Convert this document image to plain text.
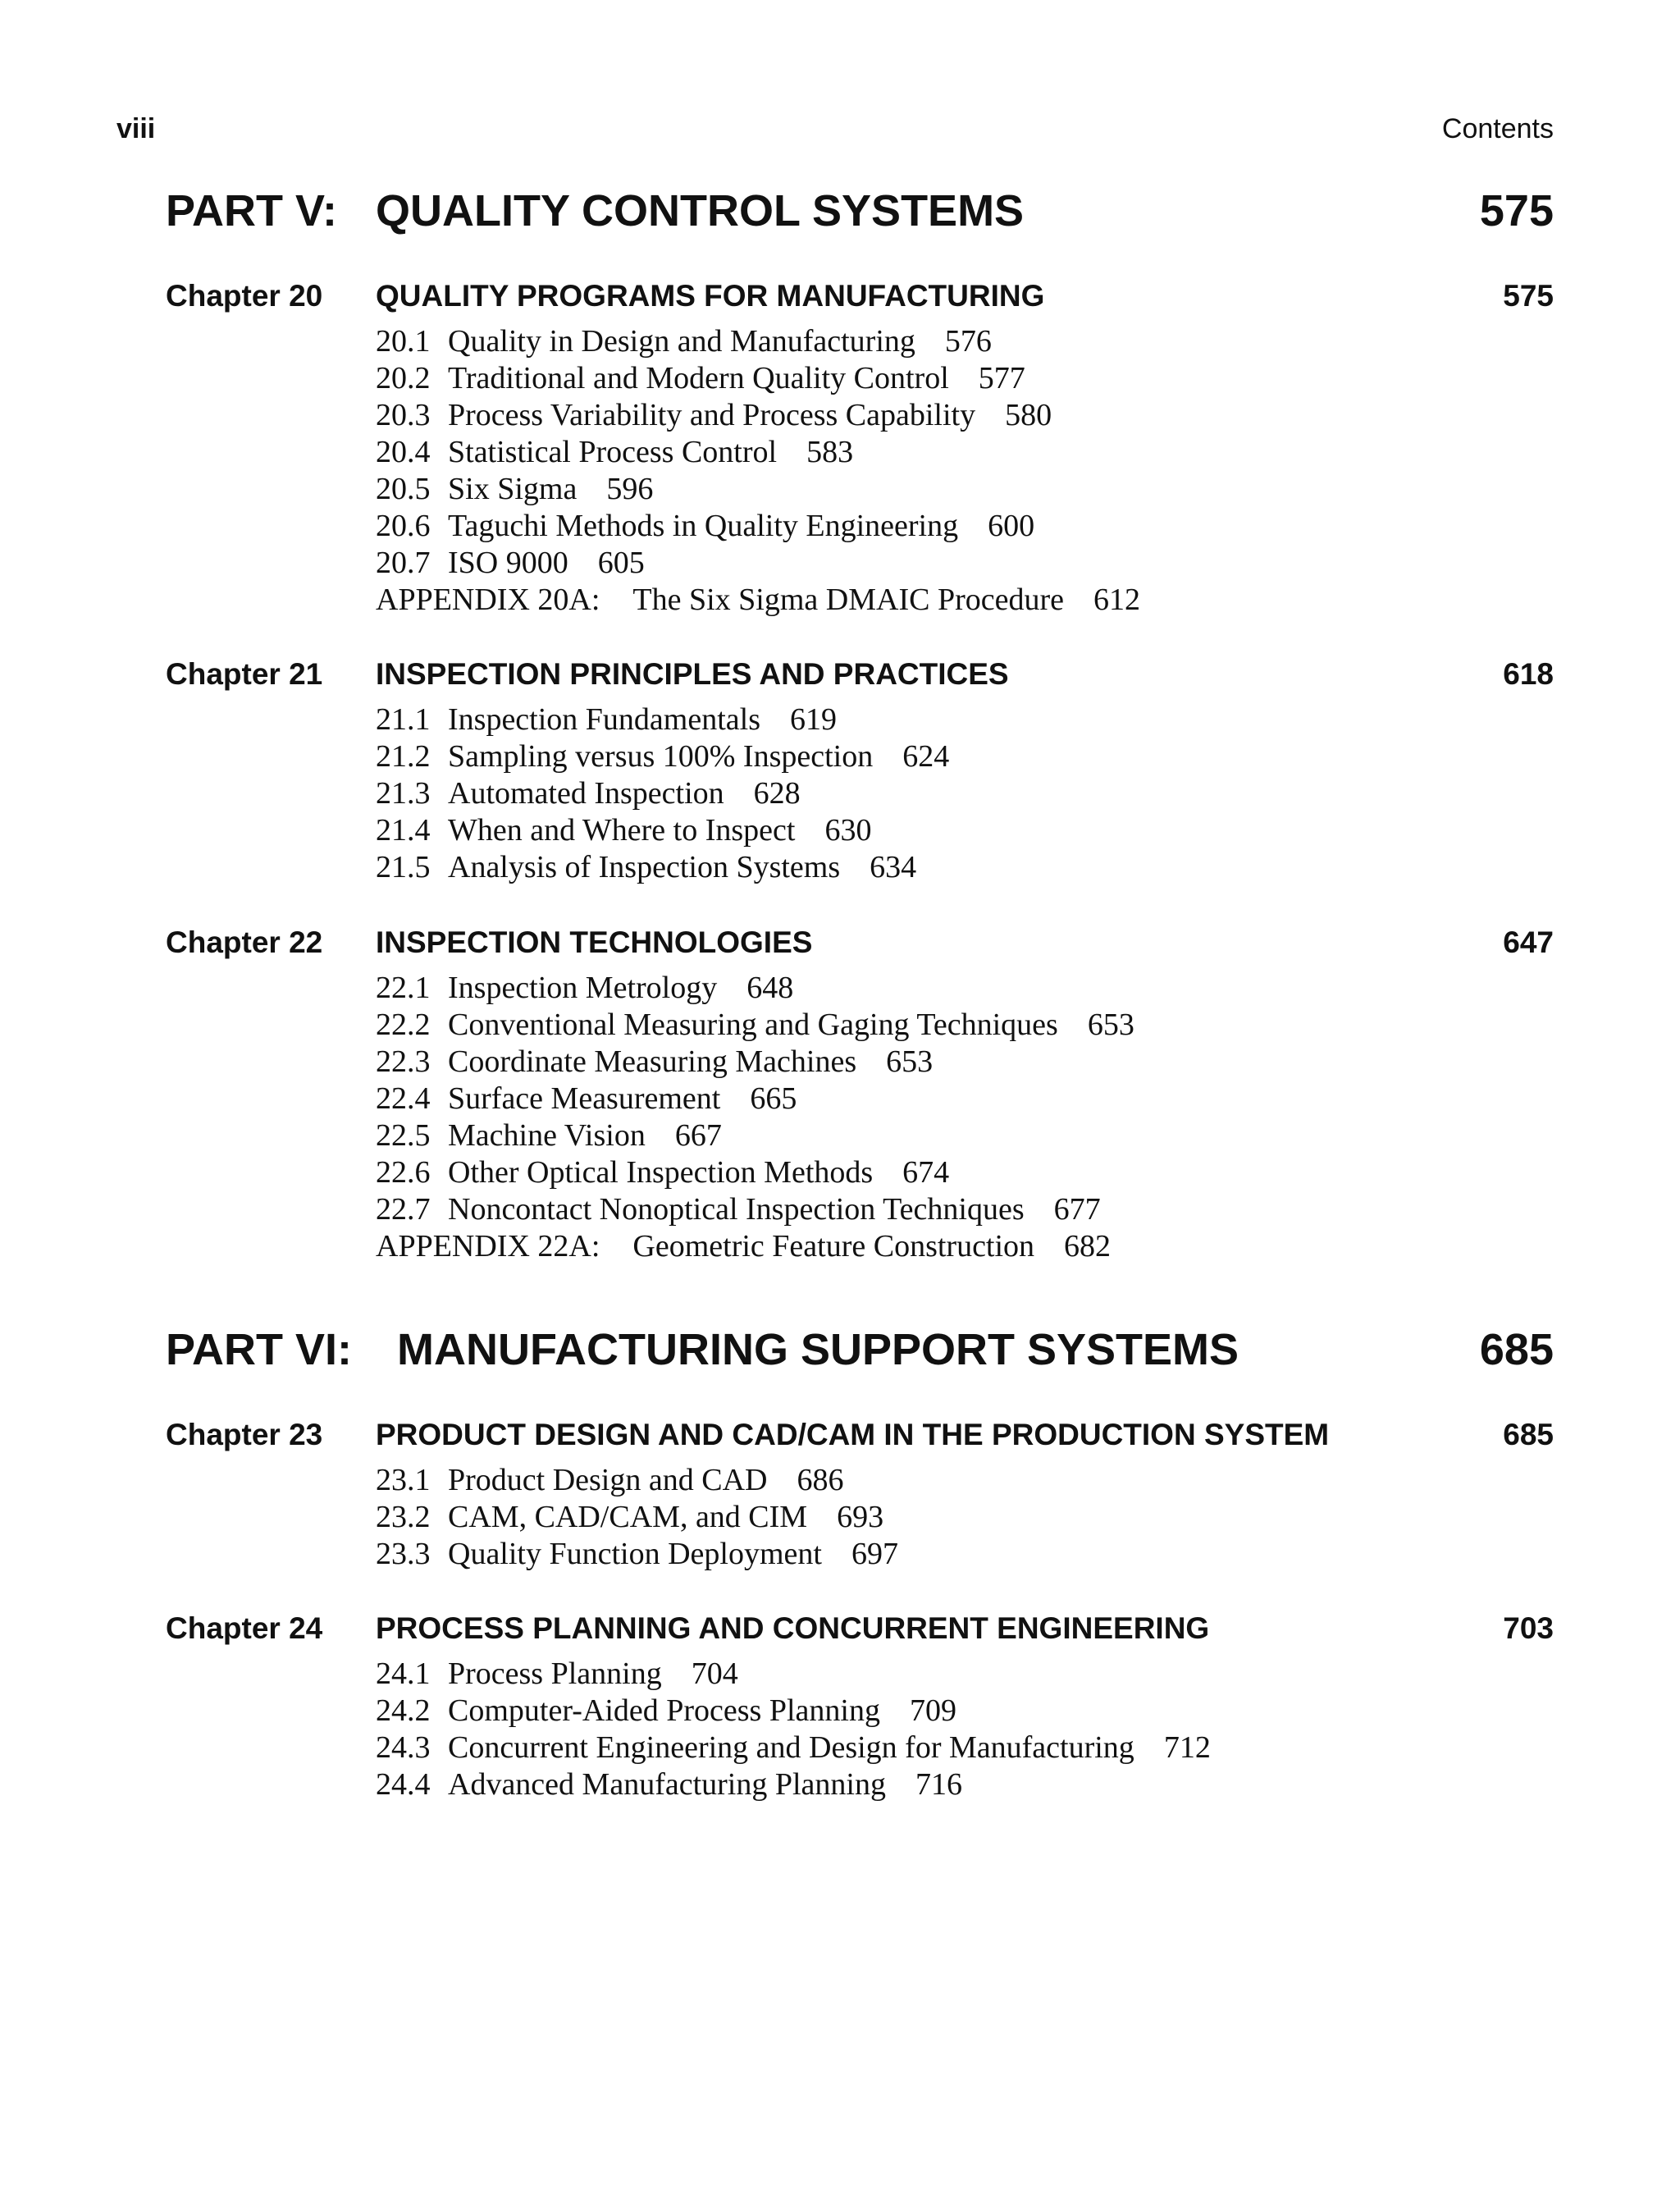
viii	Contents
PART V: QUALITY CONTROL SYSTEMS	575
Chapter 20 QUALITY PROGRAMS FOR MANUFACTURING	575
20.1 Quality in Design and Manufacturing 576
20.2 Traditional and Modern Quality Control 577
20.3 Process Variability and Process Capability 580
20.4 Statistical Process Control 583
20.5 Six Sigma 596
20.6 Taguchi Methods in Quality Engineering 600
20.7 ISO 9000 605
APPENDIX 20A: The Six Sigma DMAIC Procedure 612
Chapter 21 INSPECTION PRINCIPLES AND PRACTICES	618
21.1 Inspection Fundamentals 619
21.2 Sampling versus 100% Inspection 624
21.3 Automated Inspection 628
21.4 When and Where to Inspect 630
21.5 Analysis of Inspection Systems 634
Chapter 22 INSPECTION TECHNOLOGIES	647
22.1 Inspection Metrology 648
22.2 Conventional Measuring and Gaging Techniques 653
22.3 Coordinate Measuring Machines 653
22.4 Surface Measurement 665
22.5 Machine Vision 667
22.6 Other Optical Inspection Methods 674
22.7 Noncontact Nonoptical Inspection Techniques 677
APPENDIX 22A: Geometric Feature Construction 682
PART VI: MANUFACTURING SUPPORT SYSTEMS	685
Chapter 23 PRODUCT DESIGN AND CAD/CAM IN THE PRODUCTION SYSTEM	685
23.1 Product Design and CAD 686
23.2 CAM, CAD/CAM, and CIM 693
23.3 Quality Function Deployment 697
Chapter 24 PROCESS PLANNING AND CONCURRENT ENGINEERING	703
24.1 Process Planning 704
24.2 Computer-Aided Process Planning 709
24.3 Concurrent Engineering and Design for Manufacturing 712
24.4 Advanced Manufacturing Planning 716
